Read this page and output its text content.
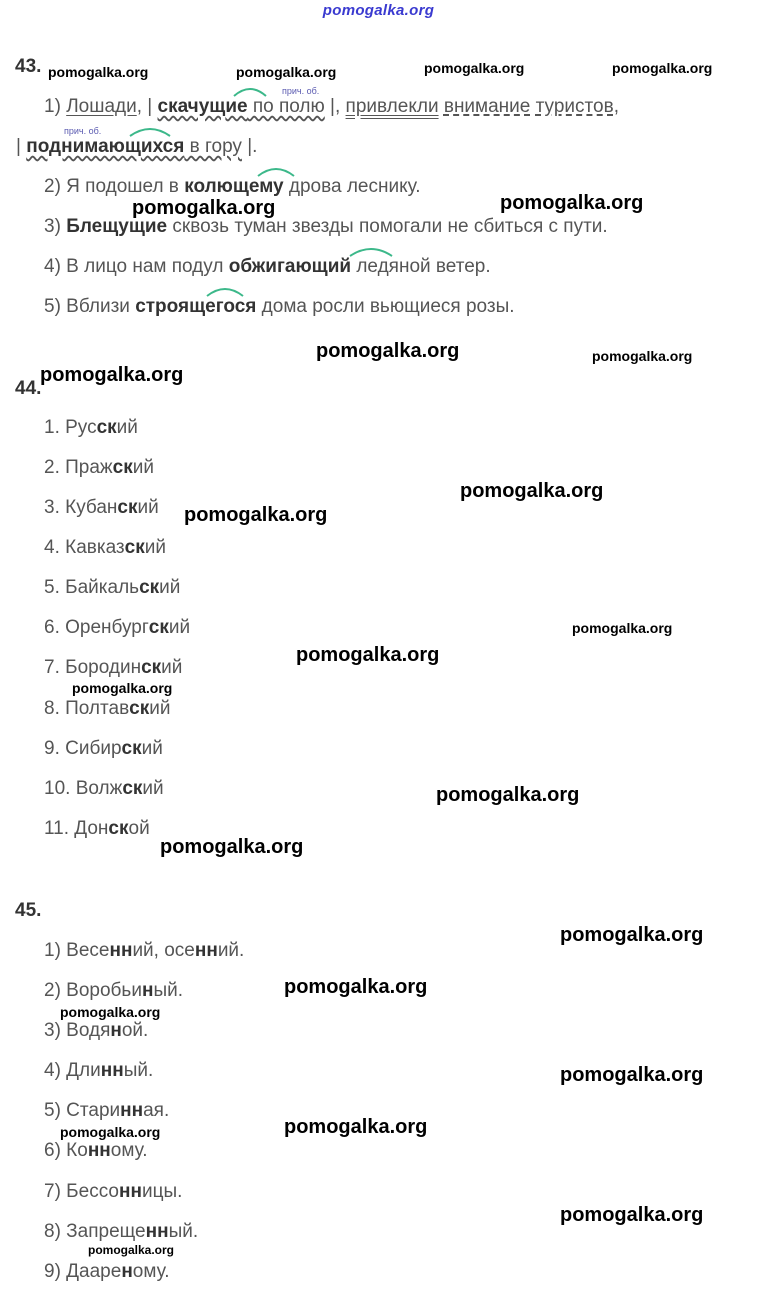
pomogalka.org
43.
прич. об.
прич. об.
1) Лошади, | скачущие по полю |, привлекли внимание туристов,
| поднимающихся в гору |.
2) Я подошел в колющему дрова леснику.
3) Блещущие сквозь туман звезды помогали не сбиться с пути.
4) В лицо нам подул обжигающий ледяной ветер.
5) Вблизи строящегося дома росли вьющиеся розы.
44.
1. Русский
2. Пражский
3. Кубанский
4. Кавказский
5. Байкальский
6. Оренбургский
7. Бородинский
8. Полтавский
9. Сибирский
10. Волжский
11. Донской
45.
1) Весенний, осенний.
2) Воробьиный.
3) Водяной.
4) Длинный.
5) Старинная.
6) Конному.
7) Бессонницы.
8) Запрещенный.
9) Даареному.
pomogalka.org	pomogalka.org	pomogalka.org	pomogalka.org
pomogalka.org	pomogalka.org
pomogalka.org	pomogalka.org
pomogalka.org
pomogalka.org
pomogalka.org
pomogalka.org
pomogalka.org
pomogalka.org
pomogalka.org
pomogalka.org
pomogalka.org
pomogalka.org
pomogalka.org
pomogalka.org
pomogalka.org
pomogalka.org
pomogalka.org
pomogalka.org
